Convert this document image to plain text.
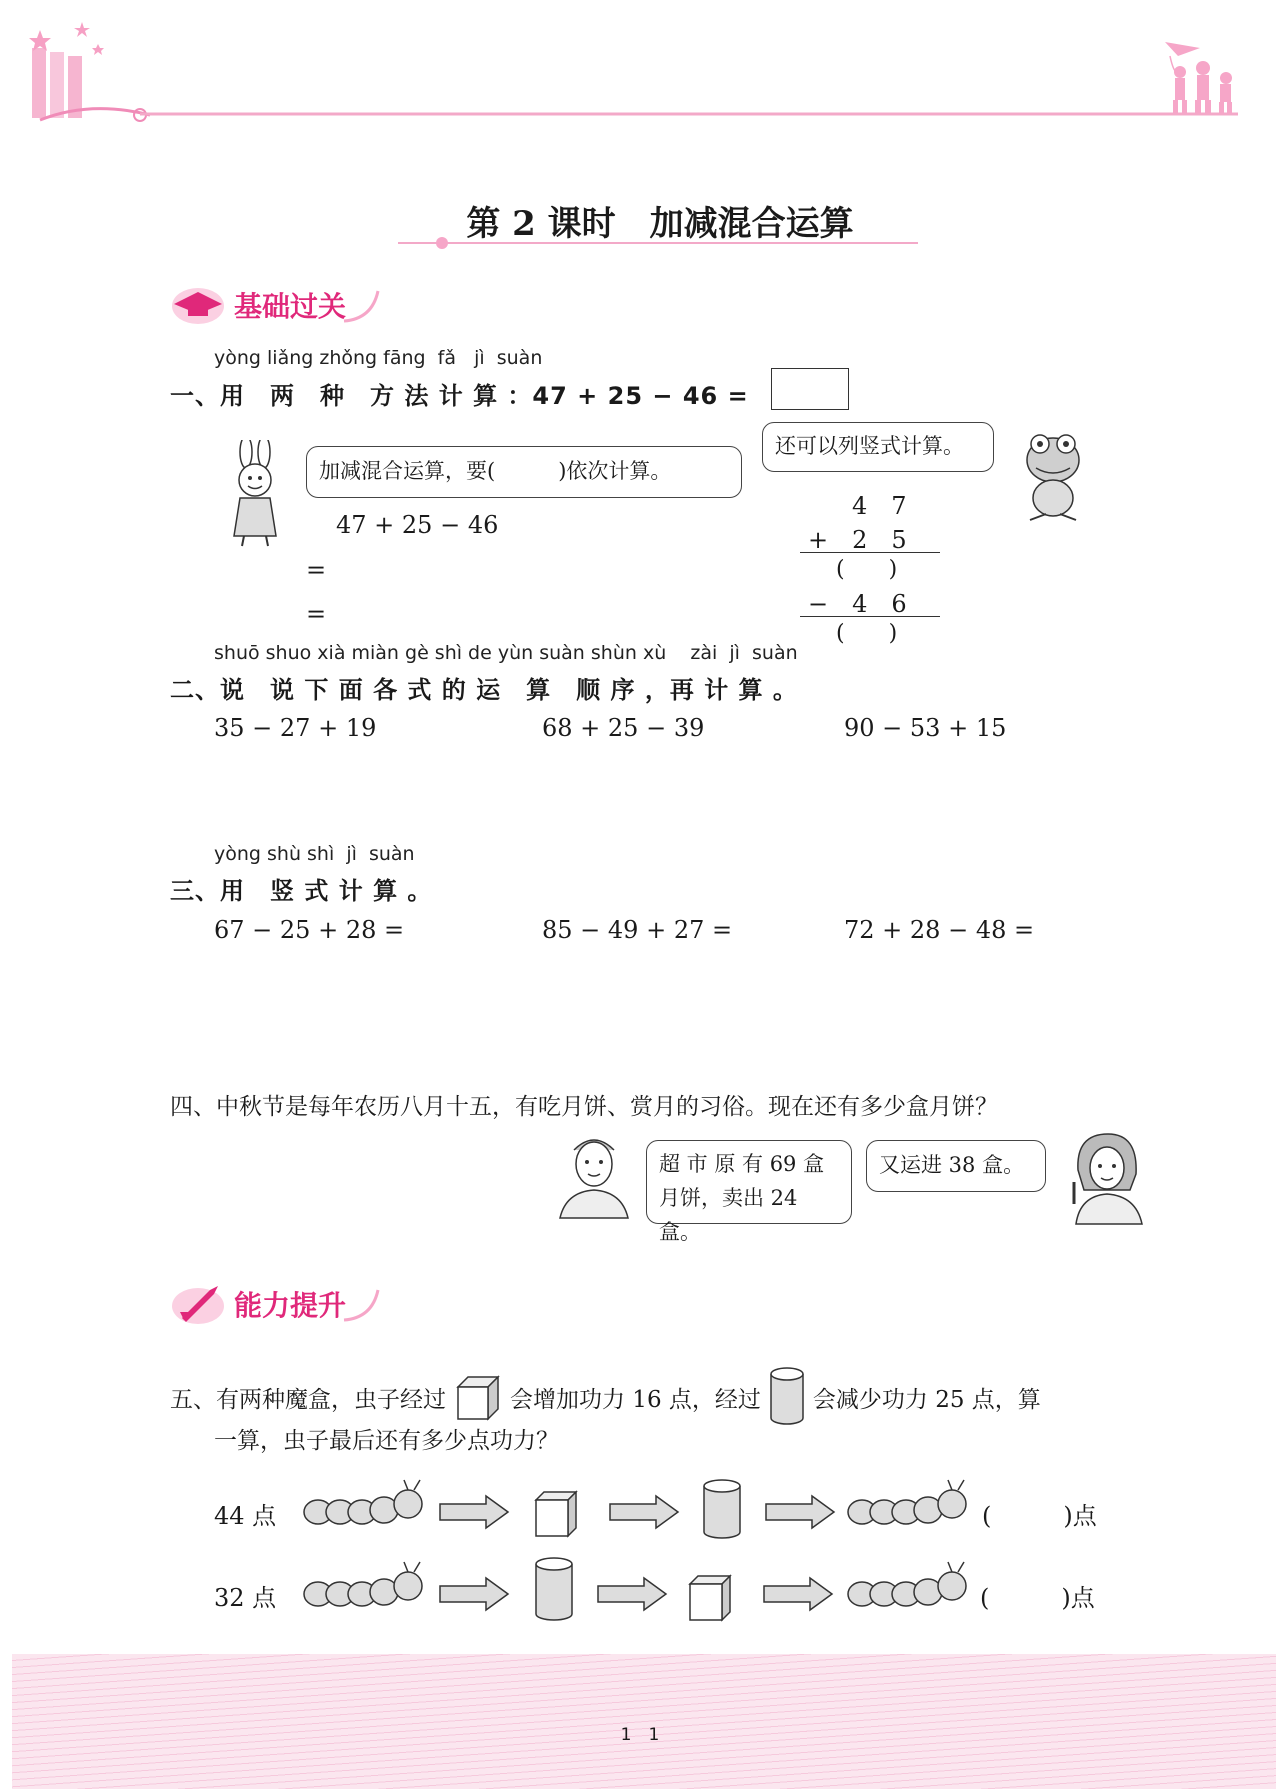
第 2 课时　加减混合运算
基础过关
yòng liǎng zhǒng fāng  fǎ   jì  suàn
一、用　两　种　方 法 计 算 ：47 + 25 − 46 =
加减混合运算，要(　　　)依次计算。
还可以列竖式计算。
47 + 25 − 46
=
=
4　7
+　2　5
(　　)
−　4　6
(　　)
shuō shuo xià miàn gè shì de yùn suàn shùn xù    zài  jì  suàn
二、说　说 下 面 各 式 的 运　算　顺 序 ，再 计 算 。
35 − 27 + 19	68 + 25 − 39	90 − 53 + 15
yòng shù shì  jì  suàn
三、用　竖 式 计 算 。
67 − 25 + 28 =	85 − 49 + 27 =	72 + 28 − 48 =
四、中秋节是每年农历八月十五，有吃月饼、赏月的习俗。现在还有多少盒月饼？
超 市 原 有 69 盒
月饼，卖出 24 盒。
又运进 38 盒。
能力提升
五、有两种魔盒，虫子经过	会增加功力 16 点，经过 会减少功力 25 点，算
一算，虫子最后还有多少点功力？
44 点	(　　　)点
32 点	(　　　)点
1　1
